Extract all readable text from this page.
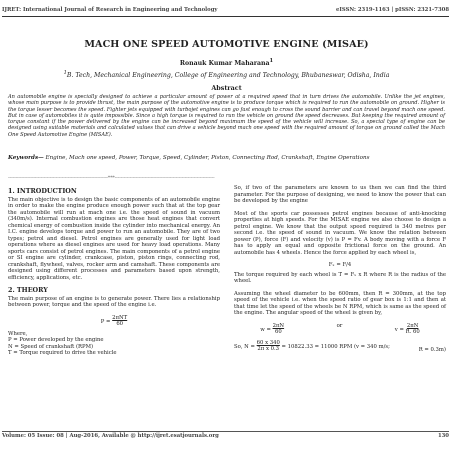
IJRET: International Journal of Research in Engineering and Technology	eISSN: 2319-1163 | pISSN: 2321-7308
MACH ONE SPEED AUTOMOTIVE ENGINE (MISAE)
Ronauk Kumar Maharana$^1$
$^1$B. Tech, Mechanical Engineering, College of Engineering and Technology, Bhubaneswar, Odisha, India
Abstract
An automobile engine is specially designed to achieve a particular amount of power at a required speed that in turn drives the automobile. Unlike the jet engines, whose main purpose is to provide thrust, the main purpose of the automotive engine is to produce torque which is required to run the automobile on ground. Higher is the torque lesser becomes the speed. Fighter jets equipped with turbojet engines can go fast enough to cross the sound barrier and can travel beyond mach one speed. But in case of automobiles it is quite impossible. Since a high torque is required to run the vehicle on ground the speed decreases. But keeping the required amount of torque constant if the power delivered by the engine can be increased beyond maximum the speed of the vehicle will increase. So, a special type of engine can be designed using suitable materials and calculated values that can drive a vehicle beyond mach one speed with the required amount of torque on ground called the Mach One Speed Automotive Engine (MISAE).
Keywords— Engine, Mach one speed, Power, Torque, Speed, Cylinder, Piston, Connecting Rod, Crankshaft, Engine Operations
-------------------------------------------------------------------***-------------------------------------------------------------------
1. INTRODUCTION
The main objective is to design the basic components of an automobile engine in order to make the engine produce enough power such that at the top gear the automobile will run at mach one i.e. the speed of sound in vacuum (340m/s). Internal combustion engines are those heat engines that convert chemical energy of combustion inside the cylinder into mechanical energy. An I.C. engine develops torque and power to run an automobile. They are of two types; petrol and diesel. Petrol engines are generally used for light load operations where as diesel engines are used for heavy load operations. Many sports cars consist of petrol engines. The main components of a petrol engine or SI engine are cylinder, crankcase, piston, piston rings, connecting rod, crankshaft, flywheel, valves, rocker arm and camshaft. These components are designed using different processes and parameters based upon strength, efficiency, applications, etc.
2. THEORY
The main purpose of an engine is to generate power. There lies a relationship between power, torque and the speed of the engine i.e.
$P = \frac{\text{2πNT}}{60}$

Where,

P = Power developed by the engine

N = Speed of crankshaft (RPM)

T = Torque required to drive the vehicle

So, if two of the parameters are known to us then we can find the third parameter. For the purpose of designing, we need to know the power that can be developed by the engine
Most of the sports car possesses petrol engines because of anti-knocking properties at high speeds. For the MISAE engine we also choose to design a petrol engine. We know that the output speed required is 340 metres per second i.e. the speed of sound in vacuum. We know the relation between power (P), force (F) and velocity (v) is P = Fv. A body moving with a force F has to apply an equal and opposite frictional force on the ground. An automobile has 4 wheels. Hence the force applied by each wheel is,
Fₓ = F/4
The torque required by each wheel is T = Fₓ x R where R is the radius of the wheel.
Assuming the wheel diameter to be 600mm, then R = 300mm, at the top speed of the vehicle i.e. when the speed ratio of gear box is 1:1 and then at that time let the speed of the wheels be N RPM, which is same as the speed of the engine. The angular speed of the wheel is given by,
$w = \frac{2\pi N}{60}$	or
$v = \frac{2\pi N}{R. 60}$
So, $N = \frac{60 x 340}{\text{2π x 0.3}} = 10822.33 = 11000$ RPM (v = 340 m/s;	R = 0.3m)
Volume: 05 Issue: 08 | Aug-2016, Available @ http://ijret.esatjournals.org	130
